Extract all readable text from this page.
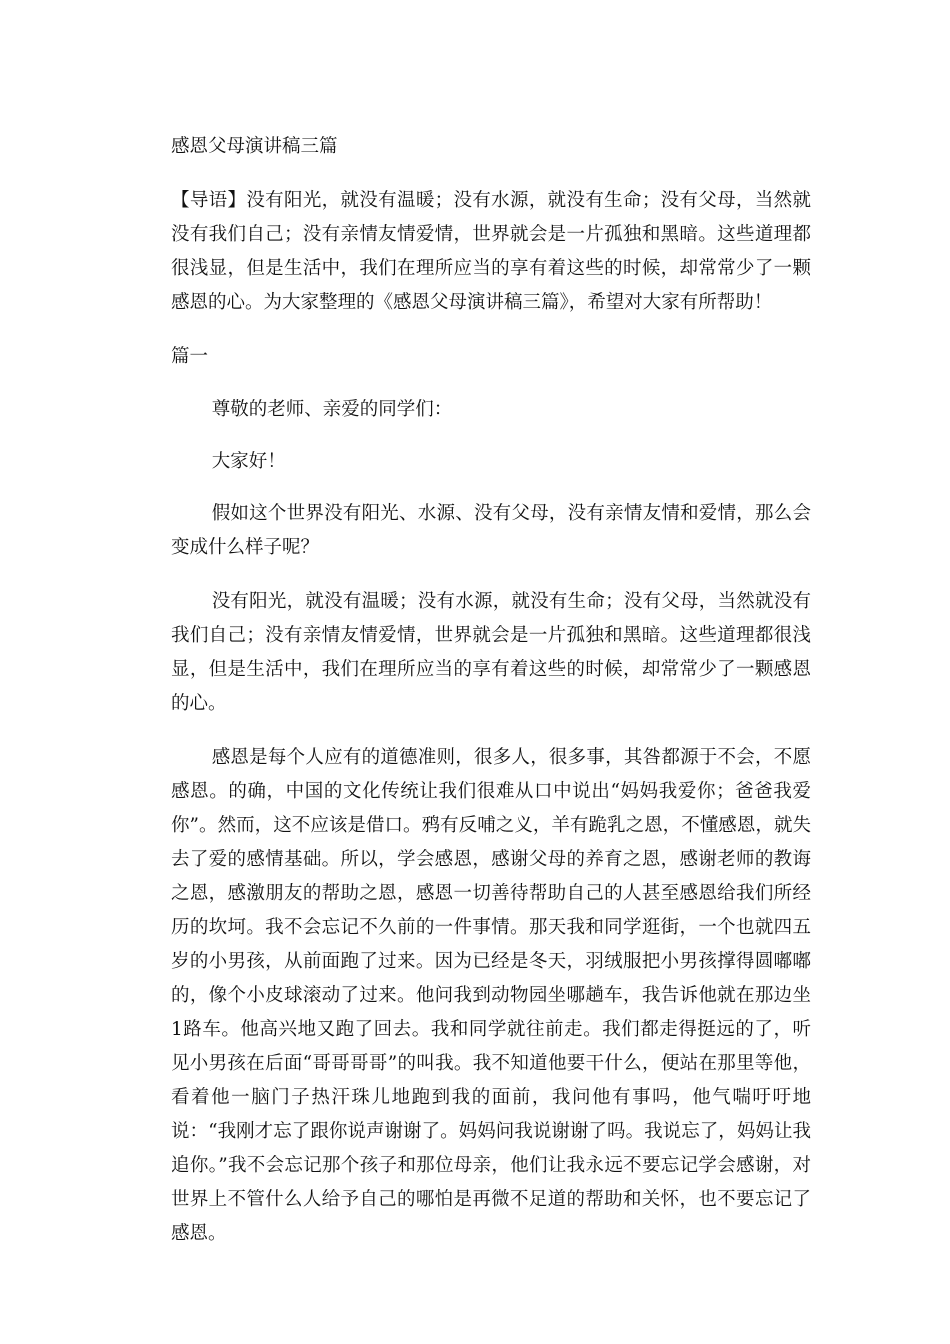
感恩父母演讲稿三篇

【导语】没有阳光，就没有温暖；没有水源，就没有生命；没有父母，当然就没有我们自己；没有亲情友情爱情，世界就会是一片孤独和黑暗。这些道理都很浅显，但是生活中，我们在理所应当的享有着这些的时候，却常常少了一颗感恩的心。为大家整理的《感恩父母演讲稿三篇》，希望对大家有所帮助！

篇一

尊敬的老师、亲爱的同学们：

大家好！

假如这个世界没有阳光、水源、没有父母，没有亲情友情和爱情，那么会变成什么样子呢？

没有阳光，就没有温暖；没有水源，就没有生命；没有父母，当然就没有我们自己；没有亲情友情爱情，世界就会是一片孤独和黑暗。这些道理都很浅显，但是生活中，我们在理所应当的享有着这些的时候，却常常少了一颗感恩的心。

感恩是每个人应有的道德准则，很多人，很多事，其咎都源于不会，不愿感恩。的确，中国的文化传统让我们很难从口中说出“妈妈我爱你；爸爸我爱你”。然而，这不应该是借口。鸦有反哺之义，羊有跪乳之恩，不懂感恩，就失去了爱的感情基础。所以，学会感恩，感谢父母的养育之恩，感谢老师的教诲之恩，感激朋友的帮助之恩，感恩一切善待帮助自己的人甚至感恩给我们所经历的坎坷。我不会忘记不久前的一件事情。那天我和同学逛街，一个也就四五岁的小男孩，从前面跑了过来。因为已经是冬天，羽绒服把小男孩撑得圆嘟嘟的，像个小皮球滚动了过来。他问我到动物园坐哪趟车，我告诉他就在那边坐1路车。他高兴地又跑了回去。我和同学就往前走。我们都走得挺远的了，听见小男孩在后面“哥哥哥哥”的叫我。我不知道他要干什么，便站在那里等他，看着他一脑门子热汗珠儿地跑到我的面前，我问他有事吗，他气喘吁吁地说：“我刚才忘了跟你说声谢谢了。妈妈问我说谢谢了吗。我说忘了，妈妈让我追你。”我不会忘记那个孩子和那位母亲，他们让我永远不要忘记学会感谢，对世界上不管什么人给予自己的哪怕是再微不足道的帮助和关怀，也不要忘记了感恩。
